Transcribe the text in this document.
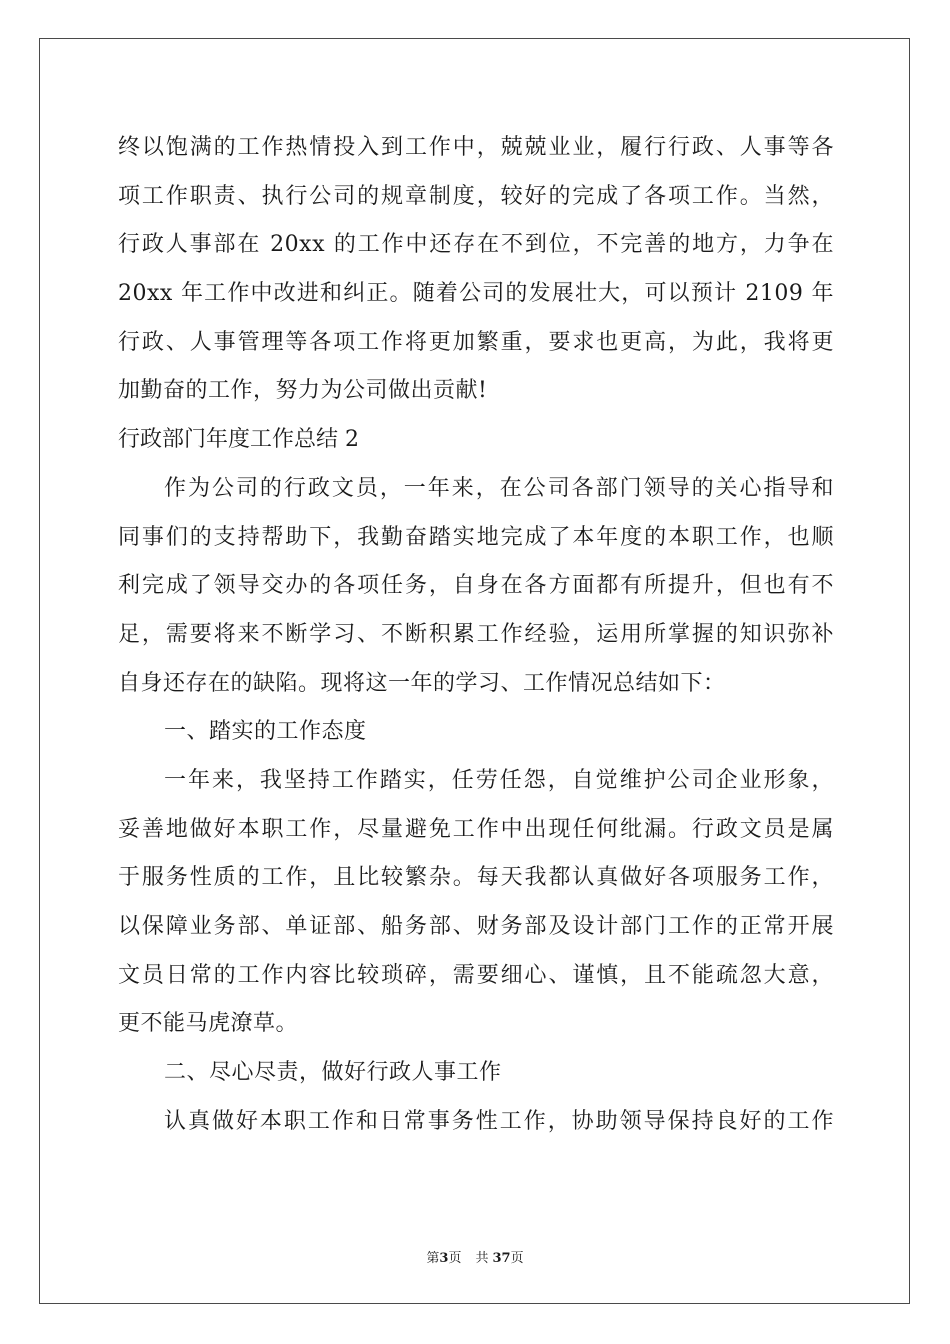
终以饱满的工作热情投入到工作中，兢兢业业，履行行政、人事等各
项工作职责、执行公司的规章制度，较好的完成了各项工作。当然，
行政人事部在 20xx 的工作中还存在不到位，不完善的地方，力争在
20xx 年工作中改进和纠正。随着公司的发展壮大，可以预计 2109 年
行政、人事管理等各项工作将更加繁重，要求也更高，为此，我将更
加勤奋的工作，努力为公司做出贡献!
行政部门年度工作总结 2
作为公司的行政文员，一年来，在公司各部门领导的关心指导和
同事们的支持帮助下，我勤奋踏实地完成了本年度的本职工作，也顺
利完成了领导交办的各项任务，自身在各方面都有所提升，但也有不
足，需要将来不断学习、不断积累工作经验，运用所掌握的知识弥补
自身还存在的缺陷。现将这一年的学习、工作情况总结如下：
一、踏实的工作态度
一年来，我坚持工作踏实，任劳任怨，自觉维护公司企业形象，
妥善地做好本职工作，尽量避免工作中出现任何纰漏。行政文员是属
于服务性质的工作，且比较繁杂。每天我都认真做好各项服务工作，
以保障业务部、单证部、船务部、财务部及设计部门工作的正常开展
文员日常的工作内容比较琐碎，需要细心、谨慎，且不能疏忽大意，
更不能马虎潦草。
二、尽心尽责，做好行政人事工作
认真做好本职工作和日常事务性工作，协助领导保持良好的工作
第3页 共 37页
